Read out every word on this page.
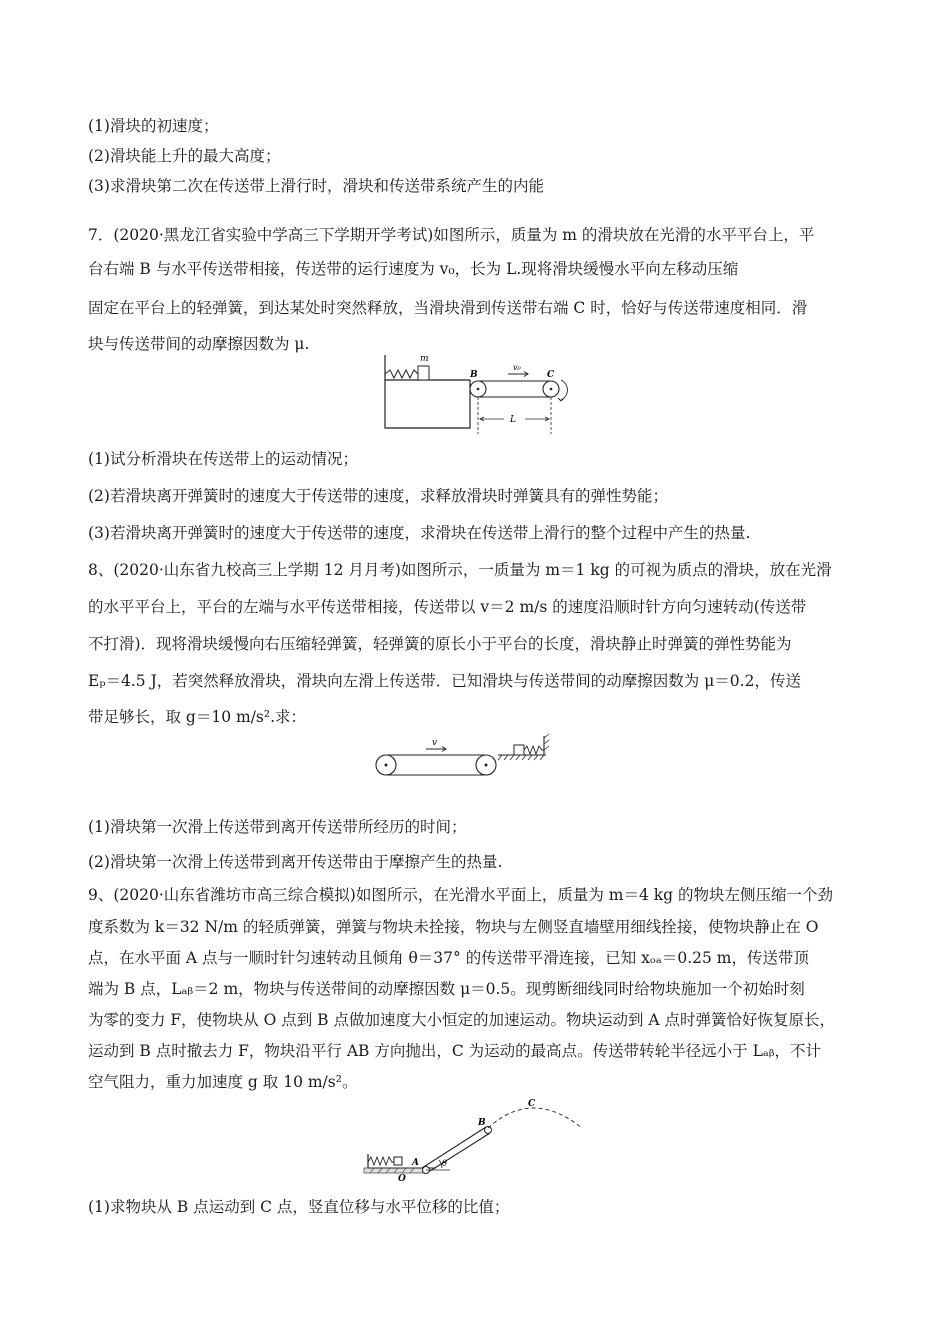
(1)滑块的初速度；
(2)滑块能上升的最大高度；
(3)求滑块第二次在传送带上滑行时，滑块和传送带系统产生的内能
7．(2020·黑龙江省实验中学高三下学期开学考试)如图所示，质量为 m 的滑块放在光滑的水平平台上，平
台右端 B 与水平传送带相接，传送带的运行速度为 v₀，长为 L.现将滑块缓慢水平向左移动压缩
固定在平台上的轻弹簧，到达某处时突然释放，当滑块滑到传送带右端 C 时，恰好与传送带速度相同．滑
块与传送带间的动摩擦因数为 μ.
m
B	C
v₀
L
(1)试分析滑块在传送带上的运动情况；
(2)若滑块离开弹簧时的速度大于传送带的速度，求释放滑块时弹簧具有的弹性势能；
(3)若滑块离开弹簧时的速度大于传送带的速度，求滑块在传送带上滑行的整个过程中产生的热量.
8、(2020·山东省九校高三上学期 12 月月考)如图所示，一质量为 m＝1 kg 的可视为质点的滑块，放在光滑
的水平平台上，平台的左端与水平传送带相接，传送带以 v＝2 m/s 的速度沿顺时针方向匀速转动(传送带
不打滑)．现将滑块缓慢向右压缩轻弹簧，轻弹簧的原长小于平台的长度，滑块静止时弹簧的弹性势能为
Eₚ＝4.5 J，若突然释放滑块，滑块向左滑上传送带．已知滑块与传送带间的动摩擦因数为 μ＝0.2，传送
带足够长，取 g＝10 m/s².求：
v
(1)滑块第一次滑上传送带到离开传送带所经历的时间；
(2)滑块第一次滑上传送带到离开传送带由于摩擦产生的热量.
9、(2020·山东省潍坊市高三综合模拟)如图所示，在光滑水平面上，质量为 m＝4 kg 的物块左侧压缩一个劲
度系数为 k＝32 N/m 的轻质弹簧，弹簧与物块未拴接，物块与左侧竖直墙壁用细线拴接，使物块静止在 O
点，在水平面 A 点与一顺时针匀速转动且倾角 θ＝37° 的传送带平滑连接，已知 xₒₐ＝0.25 m，传送带顶
端为 B 点，Lₐᵦ＝2 m，物块与传送带间的动摩擦因数 μ＝0.5。现剪断细线同时给物块施加一个初始时刻
为零的变力 F，使物块从 O 点到 B 点做加速度大小恒定的加速运动。物块运动到 A 点时弹簧恰好恢复原长，
运动到 B 点时撤去力 F，物块沿平行 AB 方向抛出，C 为运动的最高点。传送带转轮半径远小于 Lₐᵦ，不计
空气阻力，重力加速度 g 取 10 m/s²。
O
A	θ
B
C
(1)求物块从 B 点运动到 C 点，竖直位移与水平位移的比值；
